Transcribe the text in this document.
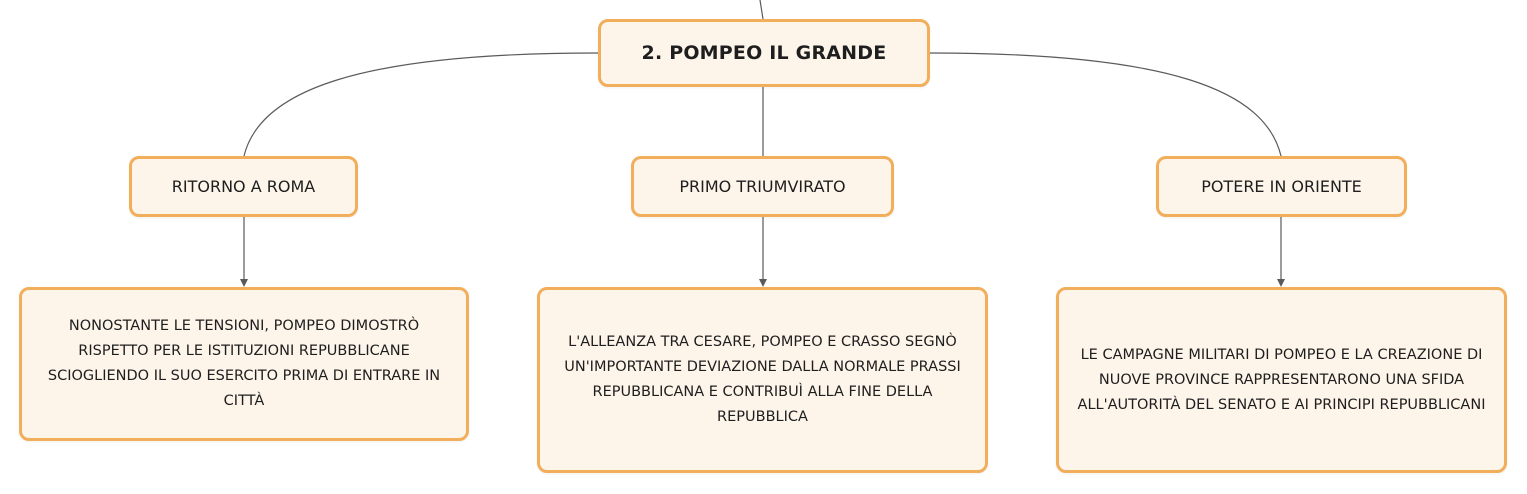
2. POMPEO IL GRANDE
RITORNO A ROMA	PRIMO TRIUMVIRATO	POTERE IN ORIENTE
NONOSTANTE LE TENSIONI, POMPEO DIMOSTRÒ RISPETTO PER LE ISTITUZIONI REPUBBLICANE SCIOGLIENDO IL SUO ESERCITO PRIMA DI ENTRARE IN CITTÀ
L'ALLEANZA TRA CESARE, POMPEO E CRASSO SEGNÒ UN'IMPORTANTE DEVIAZIONE DALLA NORMALE PRASSI REPUBBLICANA E CONTRIBUÌ ALLA FINE DELLA REPUBBLICA
LE CAMPAGNE MILITARI DI POMPEO E LA CREAZIONE DI NUOVE PROVINCE RAPPRESENTARONO UNA SFIDA ALL'AUTORITÀ DEL SENATO E AI PRINCIPI REPUBBLICANI
